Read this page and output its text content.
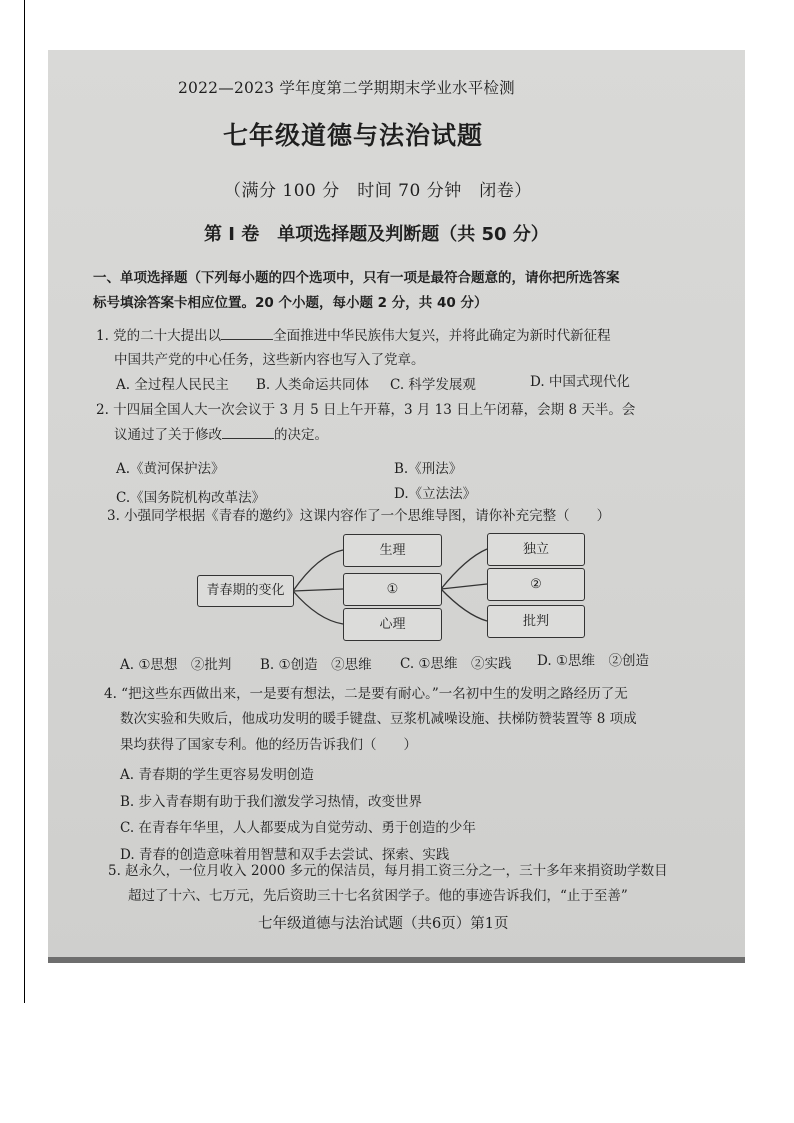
2022—2023 学年度第二学期期末学业水平检测
七年级道德与法治试题
（满分 100 分　时间 70 分钟　闭卷）
第 Ⅰ 卷　单项选择题及判断题（共 50 分）
一、单项选择题（下列每小题的四个选项中，只有一项是最符合题意的，请你把所选答案
标号填涂答案卡相应位置。20 个小题，每小题 2 分，共 40 分）
1. 党的二十大提出以	全面推进中华民族伟大复兴，并将此确定为新时代新征程
中国共产党的中心任务，这些新内容也写入了党章。
A. 全过程人民民主 B. 人类命运共同体 C. 科学发展观	D. 中国式现代化
2. 十四届全国人大一次会议于 3 月 5 日上午开幕，3 月 13 日上午闭幕，会期 8 天半。会
议通过了关于修改	的决定。
A.《黄河保护法》	B.《刑法》
C.《国务院机构改革法》	D.《立法法》
3. 小强同学根据《青春的邀约》这课内容作了一个思维导图，请你补充完整（　　）
青春期的变化
生理
①
心理
独立
②
批判
A. ①思想　②批判 B. ①创造　②思维 C. ①思维　②实践 D. ①思维　②创造
4. “把这些东西做出来，一是要有想法，二是要有耐心。”一名初中生的发明之路经历了无
数次实验和失败后，他成功发明的暖手键盘、豆浆机减噪设施、扶梯防赞装置等 8 项成
果均获得了国家专利。他的经历告诉我们（　　）
A. 青春期的学生更容易发明创造
B. 步入青春期有助于我们激发学习热情，改变世界
C. 在青春年华里，人人都要成为自觉劳动、勇于创造的少年
D. 青春的创造意味着用智慧和双手去尝试、探索、实践
5. 赵永久，一位月收入 2000 多元的保洁员，每月捐工资三分之一，三十多年来捐资助学数目
超过了十六、七万元，先后资助三十七名贫困学子。他的事迹告诉我们，“止于至善”
七年级道德与法治试题（共6页）第1页
